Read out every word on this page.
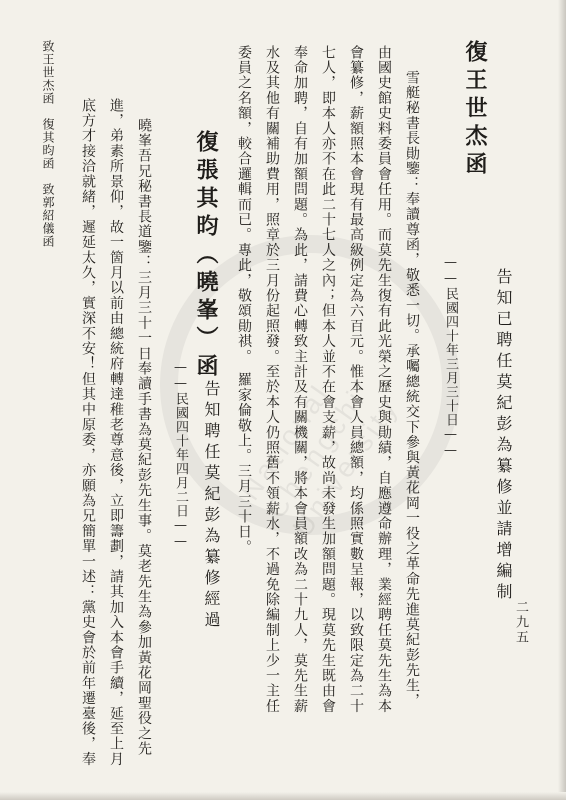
National Chengchi University
復王世杰函
告知已聘任莫紀彭為纂修並請增編制
——民國四十年三月三十日——
雪艇秘書長勛鑒：奉讀尊函，敬悉一切。承囑總統交下參與黃花岡一役之革命先進莫紀彭先生，
由國史館史料委員會任用。而莫先生復有此光榮之歷史與勛績，自應遵命辦理，業經聘任莫先生為本
會纂修，薪額照本會現有最高級例定為六百元。惟本會人員總額，均係照實數呈報，以致限定為二十
七人，即本人亦不在此二十七人之內；但本人並不在會支薪，故尚未發生加額問題。現莫先生既由會
奉命加聘，自有加額問題。為此，請費心轉致主計及有關機關，將本會員額改為二十九人，莫先生薪
水及其他有關補助費用，照章於三月份起照發。至於本人仍照舊不領薪水，不過免除編制上少一主任
委員之名額，較合邏輯而已。專此，敬頌勛祺。　羅家倫敬上。三月三十日。
復張其昀（曉峯）函
告知聘任莫紀彭為纂修經過
——民國四十年四月二日——
曉峯吾兄秘書長道鑒：三月三十一日奉讀手書為莫紀彭先生事。莫老先生為參加黃花岡聖役之先
進，弟素所景仰，故一箇月以前由總統府轉達稚老尊意後，立即籌劃，請其加入本會手續，延至上月
底方才接洽就緒，遲延太久，實深不安！但其中原委，亦願為兄簡單一述：黨史會於前年遷臺後，奉
致王世杰函　復其昀函　致郭紹儀函
二九五
